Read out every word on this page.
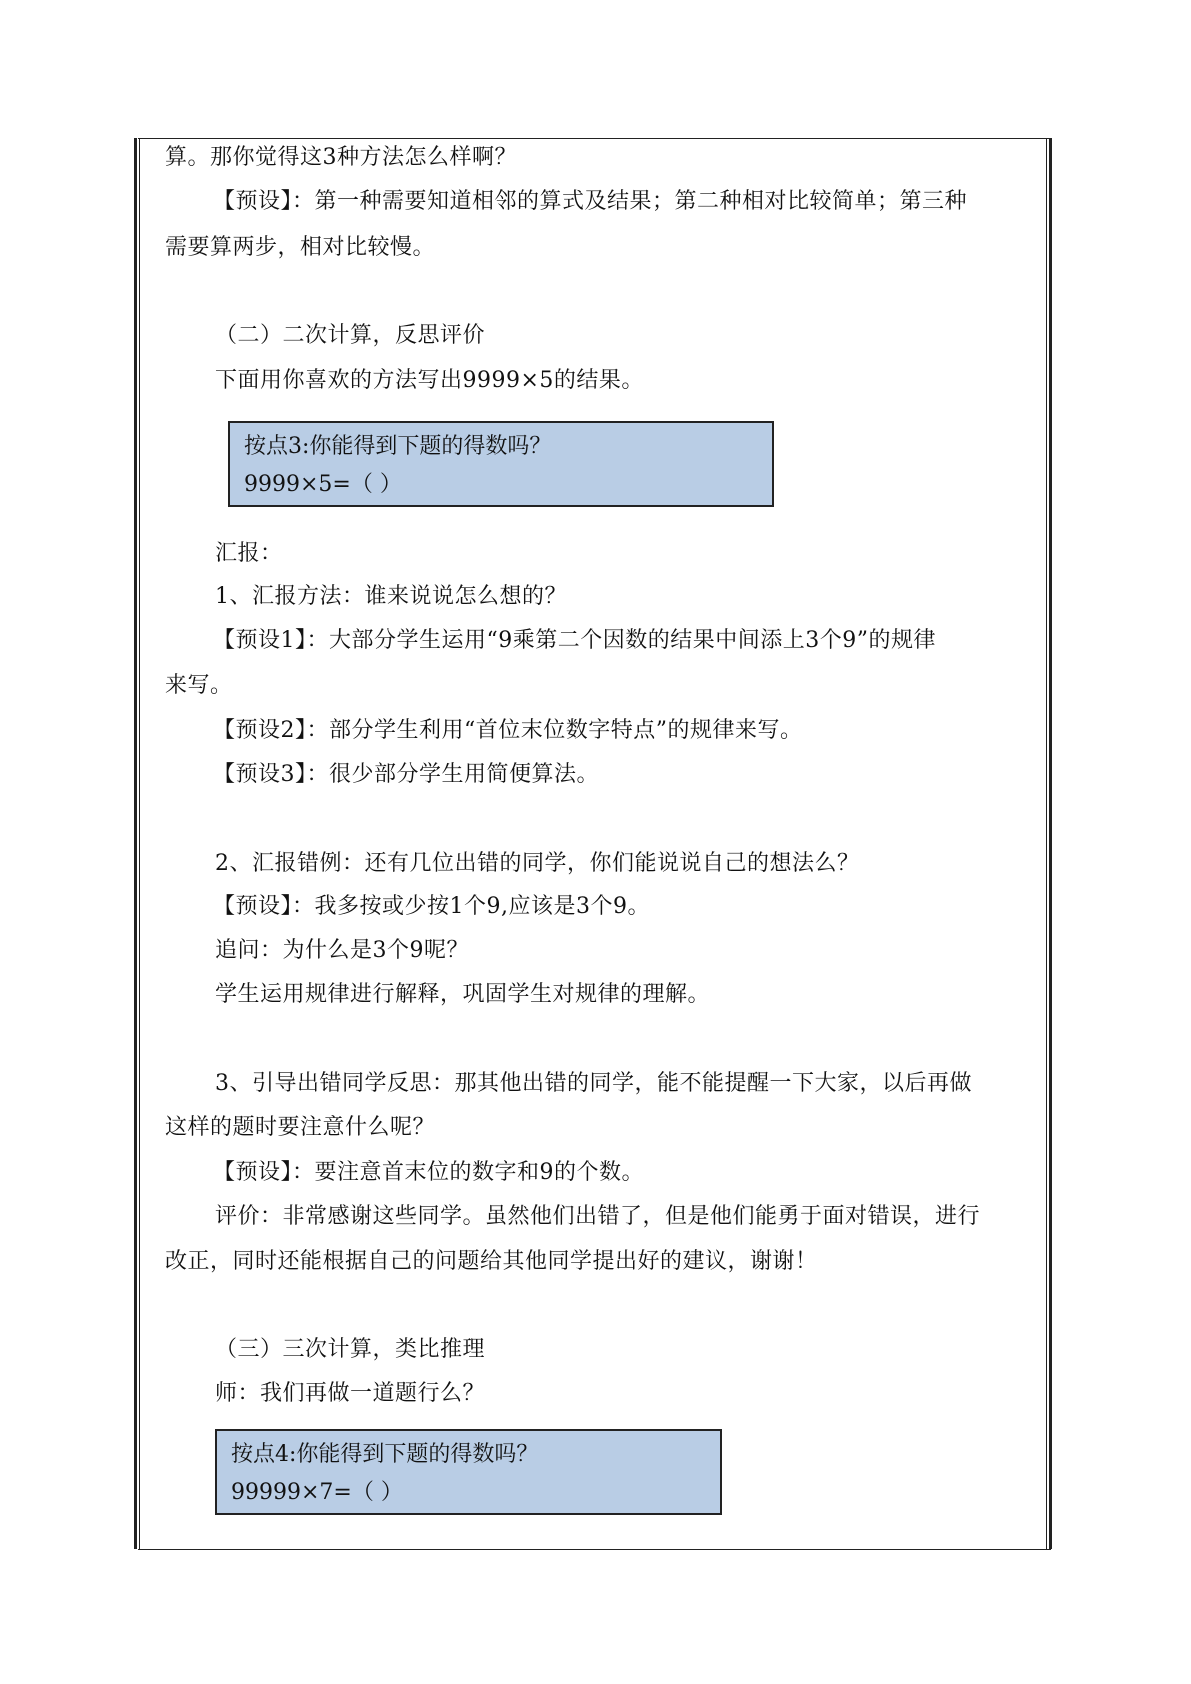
算。那你觉得这3种方法怎么样啊？
【预设】：第一种需要知道相邻的算式及结果；第二种相对比较简单；第三种
需要算两步，相对比较慢。
（二）二次计算，反思评价
下面用你喜欢的方法写出9999×5的结果。
按点3:你能得到下题的得数吗？
9999×5=（ ）
汇报：
1、汇报方法：谁来说说怎么想的？
【预设1】：大部分学生运用“9乘第二个因数的结果中间添上3个9”的规律
来写。
【预设2】：部分学生利用“首位末位数字特点”的规律来写。
【预设3】：很少部分学生用简便算法。
2、汇报错例：还有几位出错的同学，你们能说说自己的想法么？
【预设】：我多按或少按1个9,应该是3个9。
追问：为什么是3个9呢？
学生运用规律进行解释，巩固学生对规律的理解。
3、引导出错同学反思：那其他出错的同学，能不能提醒一下大家，以后再做
这样的题时要注意什么呢？
【预设】：要注意首末位的数字和9的个数。
评价：非常感谢这些同学。虽然他们出错了，但是他们能勇于面对错误，进行
改正，同时还能根据自己的问题给其他同学提出好的建议，谢谢！
（三）三次计算，类比推理
师：我们再做一道题行么？
按点4:你能得到下题的得数吗？
99999×7=（ ）
